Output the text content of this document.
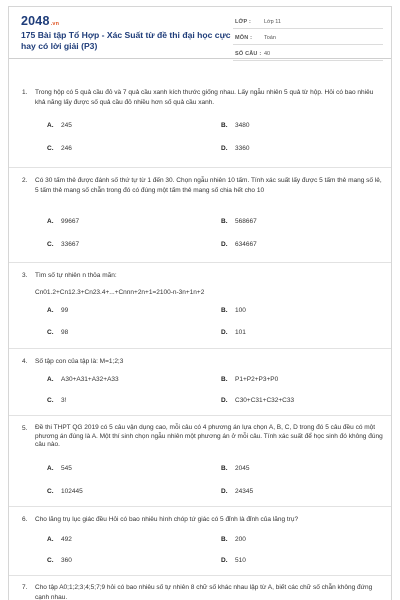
2048.vn
175 Bài tập Tổ Hợp - Xác Suất từ đề thi đại học cực hay có lời giải (P3)
LỚP : Lớp 11
MÔN : Toán
SỐ CÂU : 40
1. Trong hộp có 5 quả cầu đỏ và 7 quả cầu xanh kích thước giống nhau. Lấy ngẫu nhiên 5 quả từ hộp. Hỏi có bao nhiêu khả năng lấy được số quả cầu đỏ nhiều hơn số quả cầu xanh.
A. 245	B. 3480
C. 246	D. 3360
2. Có 30 tấm thẻ được đánh số thứ tự từ 1 đến 30. Chọn ngẫu nhiên 10 tấm. Tính xác suất lấy được 5 tấm thẻ mang số lẻ, 5 tấm thẻ mang số chẵn trong đó có đúng một tấm thẻ mang số chia hết cho 10
A. 99667	B. 568667
C. 33667	D. 634667
3. Tìm số tự nhiên n thỏa mãn:
Cn01.2+Cn12.3+Cn23.4+...+Cnnn+2n+1=2100-n-3n+1n+2
A. 99	B. 100
C. 98	D. 101
4. Số tập con của tập là: M=1;2;3
A. A30+A31+A32+A33	B. P1+P2+P3+P0
C. 3!	D. C30+C31+C32+C33
5. Đề thi THPT QG 2019 có 5 câu vận dụng cao, mỗi câu có 4 phương án lựa chọn A, B, C, D trong đó 5 câu đều có một phương án đúng là A. Một thí sinh chọn ngẫu nhiên một phương án ở mỗi câu. Tính xác suất để học sinh đó không đúng câu nào.
A. 545	B. 2045
C. 102445	D. 24345
6. Cho lăng trụ lục giác đều Hỏi có bao nhiêu hình chóp tứ giác có 5 đỉnh là đỉnh của lăng trụ?
A. 492	B. 200
C. 360	D. 510
7. Cho tập A0;1;2;3;4;5;7;9 hỏi có bao nhiêu số tự nhiên 8 chữ số khác nhau lập từ A, biết các chữ số chẵn không đứng cạnh nhau.
